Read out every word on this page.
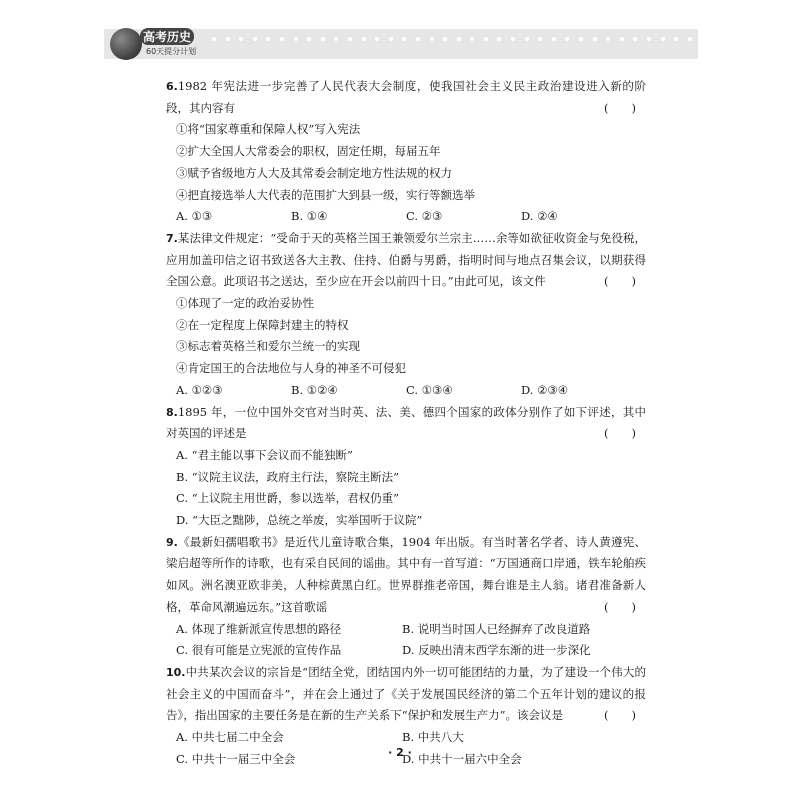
高考历史
60天提分计划
6.1982 年宪法进一步完善了人民代表大会制度，使我国社会主义民主政治建设进入新的阶段，其内容有	(　　)
①将“国家尊重和保障人权”写入宪法
②扩大全国人大常委会的职权，固定任期，每届五年
③赋予省级地方人大及其常委会制定地方性法规的权力
④把直接选举人大代表的范围扩大到县一级，实行等额选举
A. ①③	B. ①④	C. ②③	D. ②④
7.某法律文件规定：“受命于天的英格兰国王兼领爱尔兰宗主……余等如欲征收资金与免役税，应用加盖印信之诏书致送各大主教、住持、伯爵与男爵，指明时间与地点召集会议，以期获得全国公意。此项诏书之送达，至少应在开会以前四十日。”由此可见，该文件	(　　)
①体现了一定的政治妥协性
②在一定程度上保障封建主的特权
③标志着英格兰和爱尔兰统一的实现
④肯定国王的合法地位与人身的神圣不可侵犯
A. ①②③	B. ①②④	C. ①③④	D. ②③④
8.1895 年，一位中国外交官对当时英、法、美、德四个国家的政体分别作了如下评述，其中对英国的评述是	(　　)
A. “君主能以事下会议而不能独断”
B. “议院主议法，政府主行法，察院主断法”
C. “上议院主用世爵，参以选举，君权仍重”
D. “大臣之黜陟，总统之举废，实举国听于议院”
9.《最新妇孺唱歌书》是近代儿童诗歌合集，1904 年出版。有当时著名学者、诗人黄遵宪、梁启超等所作的诗歌，也有采自民间的谣曲。其中有一首写道：“万国通商口岸通，铁车轮舶疾如风。洲名澳亚欧非美，人种棕黄黑白红。世界群推老帝国，舞台谁是主人翁。诸君准备新人格，革命风潮遍远东。”这首歌谣	(　　)
A. 体现了维新派宣传思想的路径	B. 说明当时国人已经摒弃了改良道路
C. 很有可能是立宪派的宣传作品	D. 反映出清末西学东渐的进一步深化
10.中共某次会议的宗旨是“团结全党，团结国内外一切可能团结的力量，为了建设一个伟大的社会主义的中国而奋斗”，并在会上通过了《关于发展国民经济的第二个五年计划的建议的报告》，指出国家的主要任务是在新的生产关系下“保护和发展生产力”。该会议是	(　　)
A. 中共七届二中全会	B. 中共八大
C. 中共十一届三中全会	D. 中共十一届六中全会
· 2 ·
